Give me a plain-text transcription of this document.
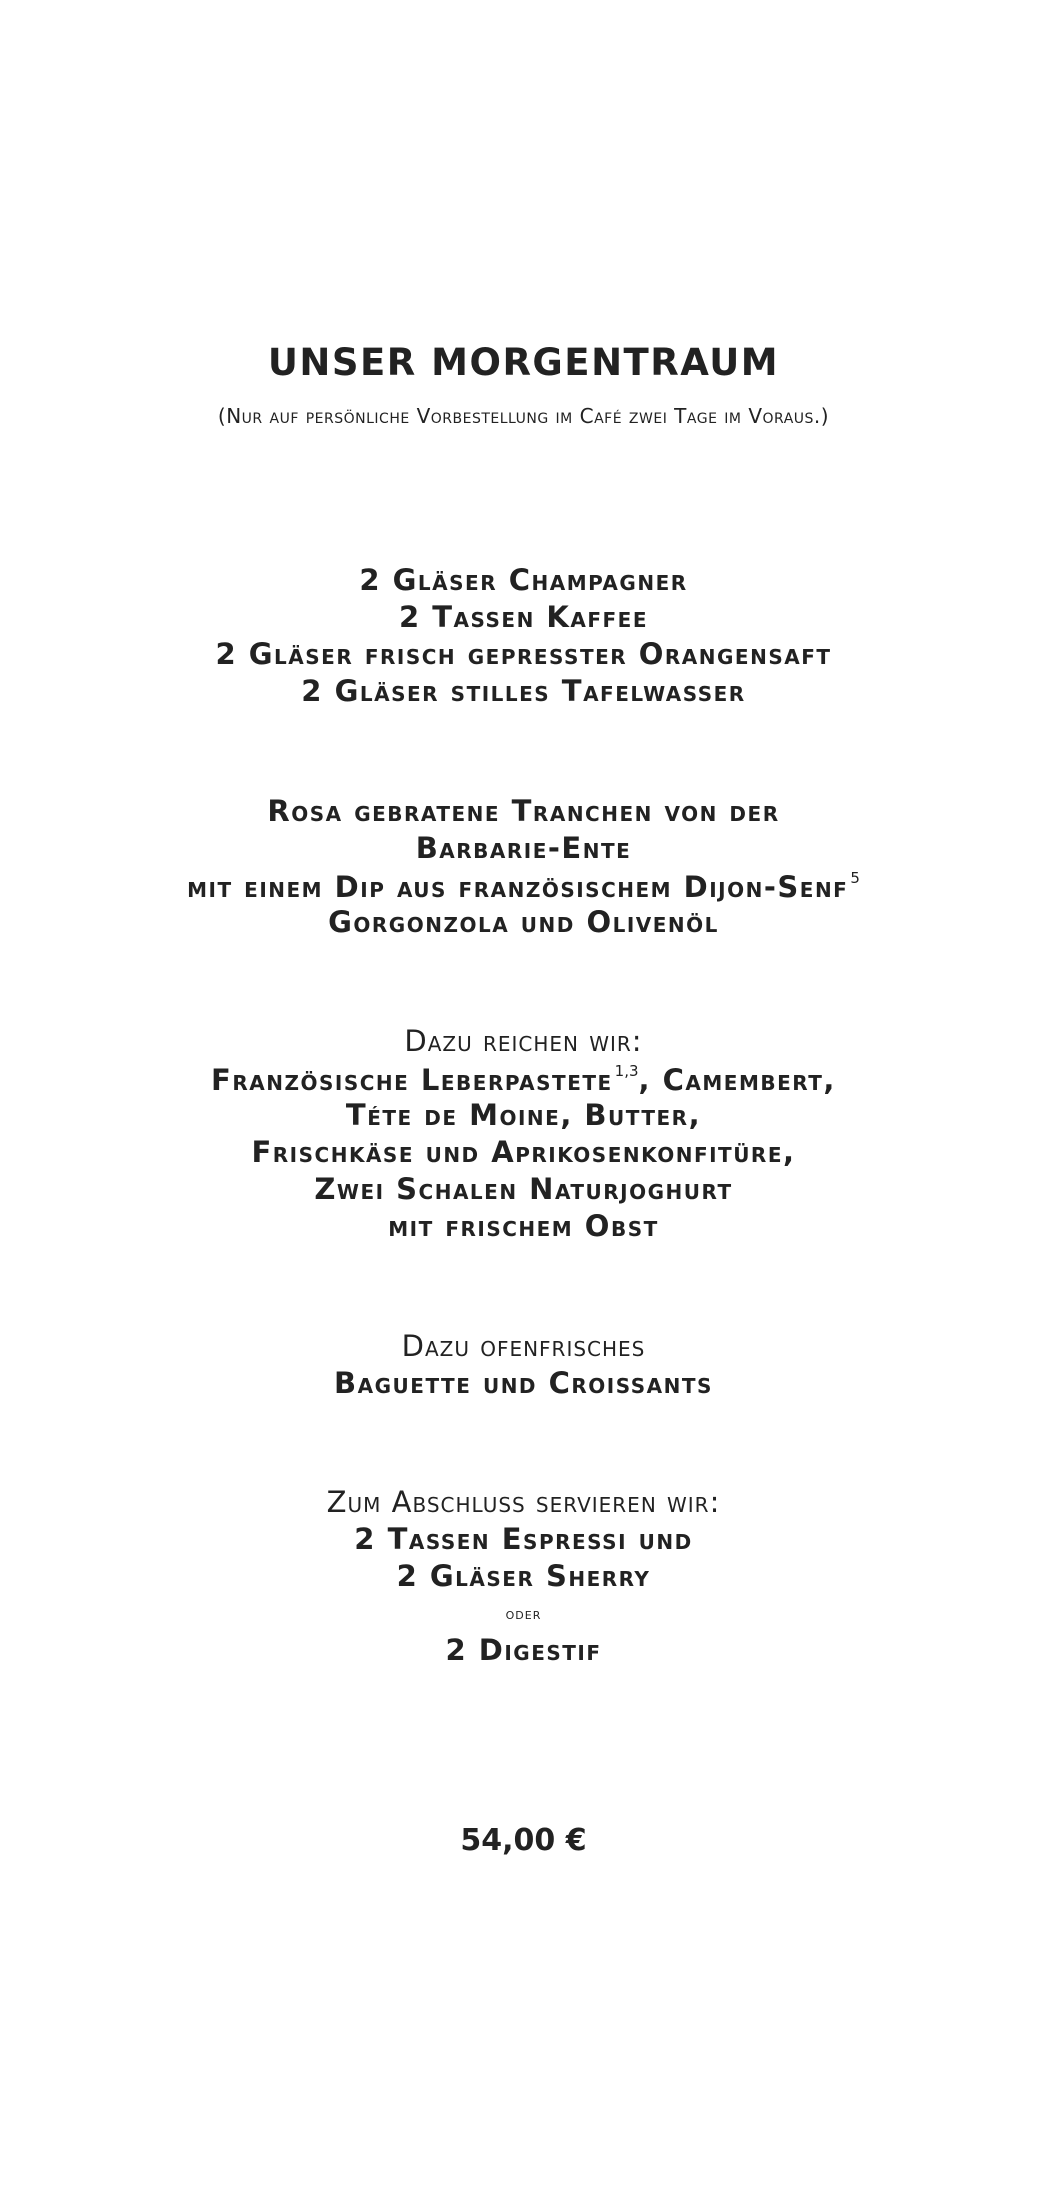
UNSER MORGENTRAUM
(Nur auf persönliche Vorbestellung im Café zwei Tage im Voraus.)
2 Gläser Champagner
2 Tassen Kaffee
2 Gläser frisch gepresster Orangensaft
2 Gläser stilles Tafelwasser
Rosa gebratene Tranchen von der
Barbarie-Ente
mit einem Dip aus französischem Dijon-Senf $^5$
Gorgonzola und Olivenöl
Dazu reichen wir:
Französische Leberpastete $^{1,3}$, Camembert,
Téte de Moine, Butter,
Frischkäse und Aprikosenkonfitüre,
Zwei Schalen Naturjoghurt
mit frischem Obst
Dazu ofenfrisches
Baguette und Croissants
Zum Abschluss servieren wir:
2 Tassen Espressi und
2 Gläser Sherry
oder
2 Digestif
54,00 €
